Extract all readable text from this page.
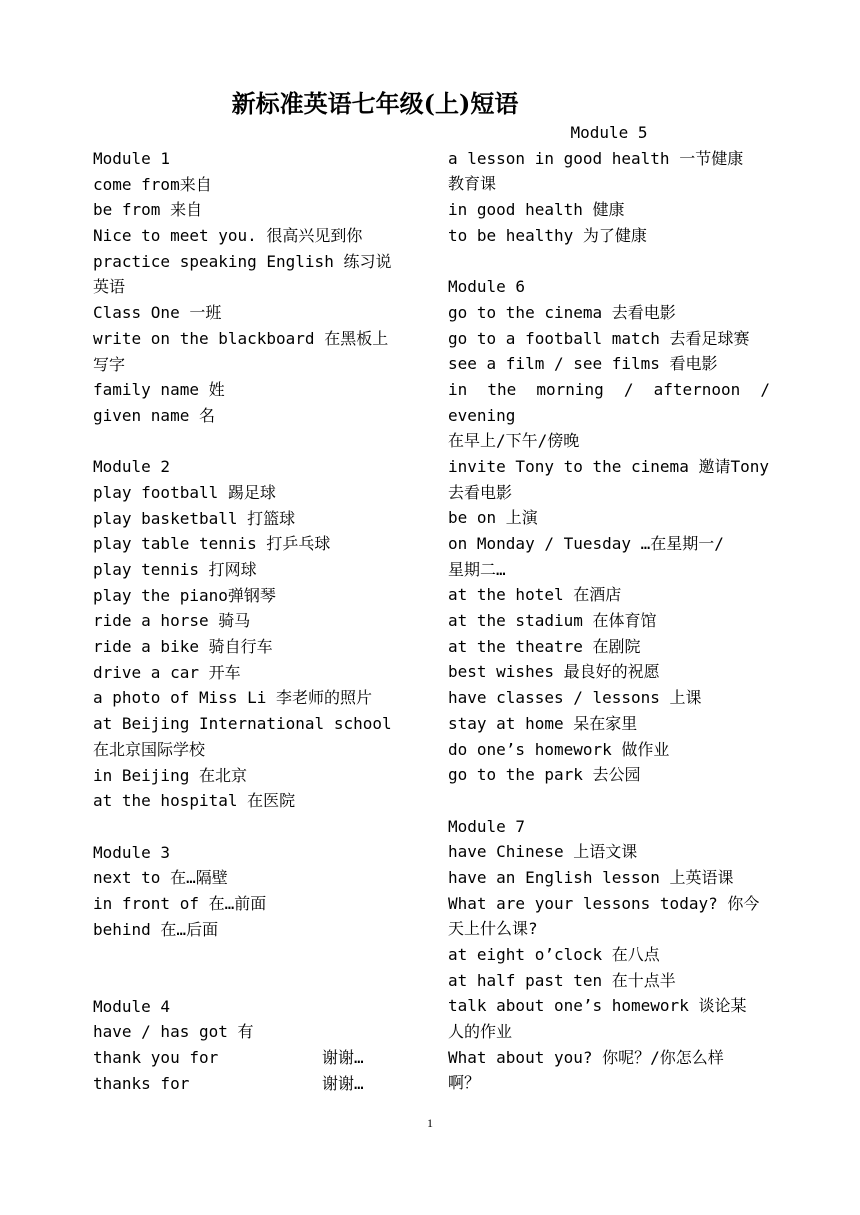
新标准英语七年级(上)短语
Module 1
come from来自
be from 来自
Nice to meet you. 很高兴见到你
practice speaking English 练习说
英语
Class One 一班
write on the blackboard 在黑板上
写字
family name 姓
given name 名
Module 2
play football 踢足球
play basketball 打篮球
play table tennis 打乒乓球
play tennis 打网球
play the piano弹钢琴
ride a horse 骑马
ride a bike 骑自行车
drive a car 开车
a photo of Miss Li 李老师的照片
at Beijing International school
在北京国际学校
in Beijing 在北京
at the hospital 在医院
Module 3
next to 在…隔壁
in front of 在…前面
behind 在…后面
Module 4
have / has got 有
thank you for	谢谢…
thanks for	谢谢…
Module 5
a lesson in good health 一节健康
教育课
in good health 健康
to be healthy 为了健康
Module 6
go to the cinema 去看电影
go to a football match 去看足球赛
see a film / see films 看电影
in the morning / afternoon /
evening
在早上/下午/傍晚
invite Tony to the cinema 邀请Tony
去看电影
be on 上演
on Monday / Tuesday …在星期一/
星期二…
at the hotel 在酒店
at the stadium 在体育馆
at the theatre 在剧院
best wishes 最良好的祝愿
have classes / lessons 上课
stay at home 呆在家里
do one’s homework 做作业
go to the park 去公园
Module 7
have Chinese 上语文课
have an English lesson 上英语课
What are your lessons today? 你今
天上什么课?
at eight o’clock 在八点
at half past ten 在十点半
talk about one’s homework 谈论某
人的作业
What about you? 你呢？/你怎么样
啊？
1
